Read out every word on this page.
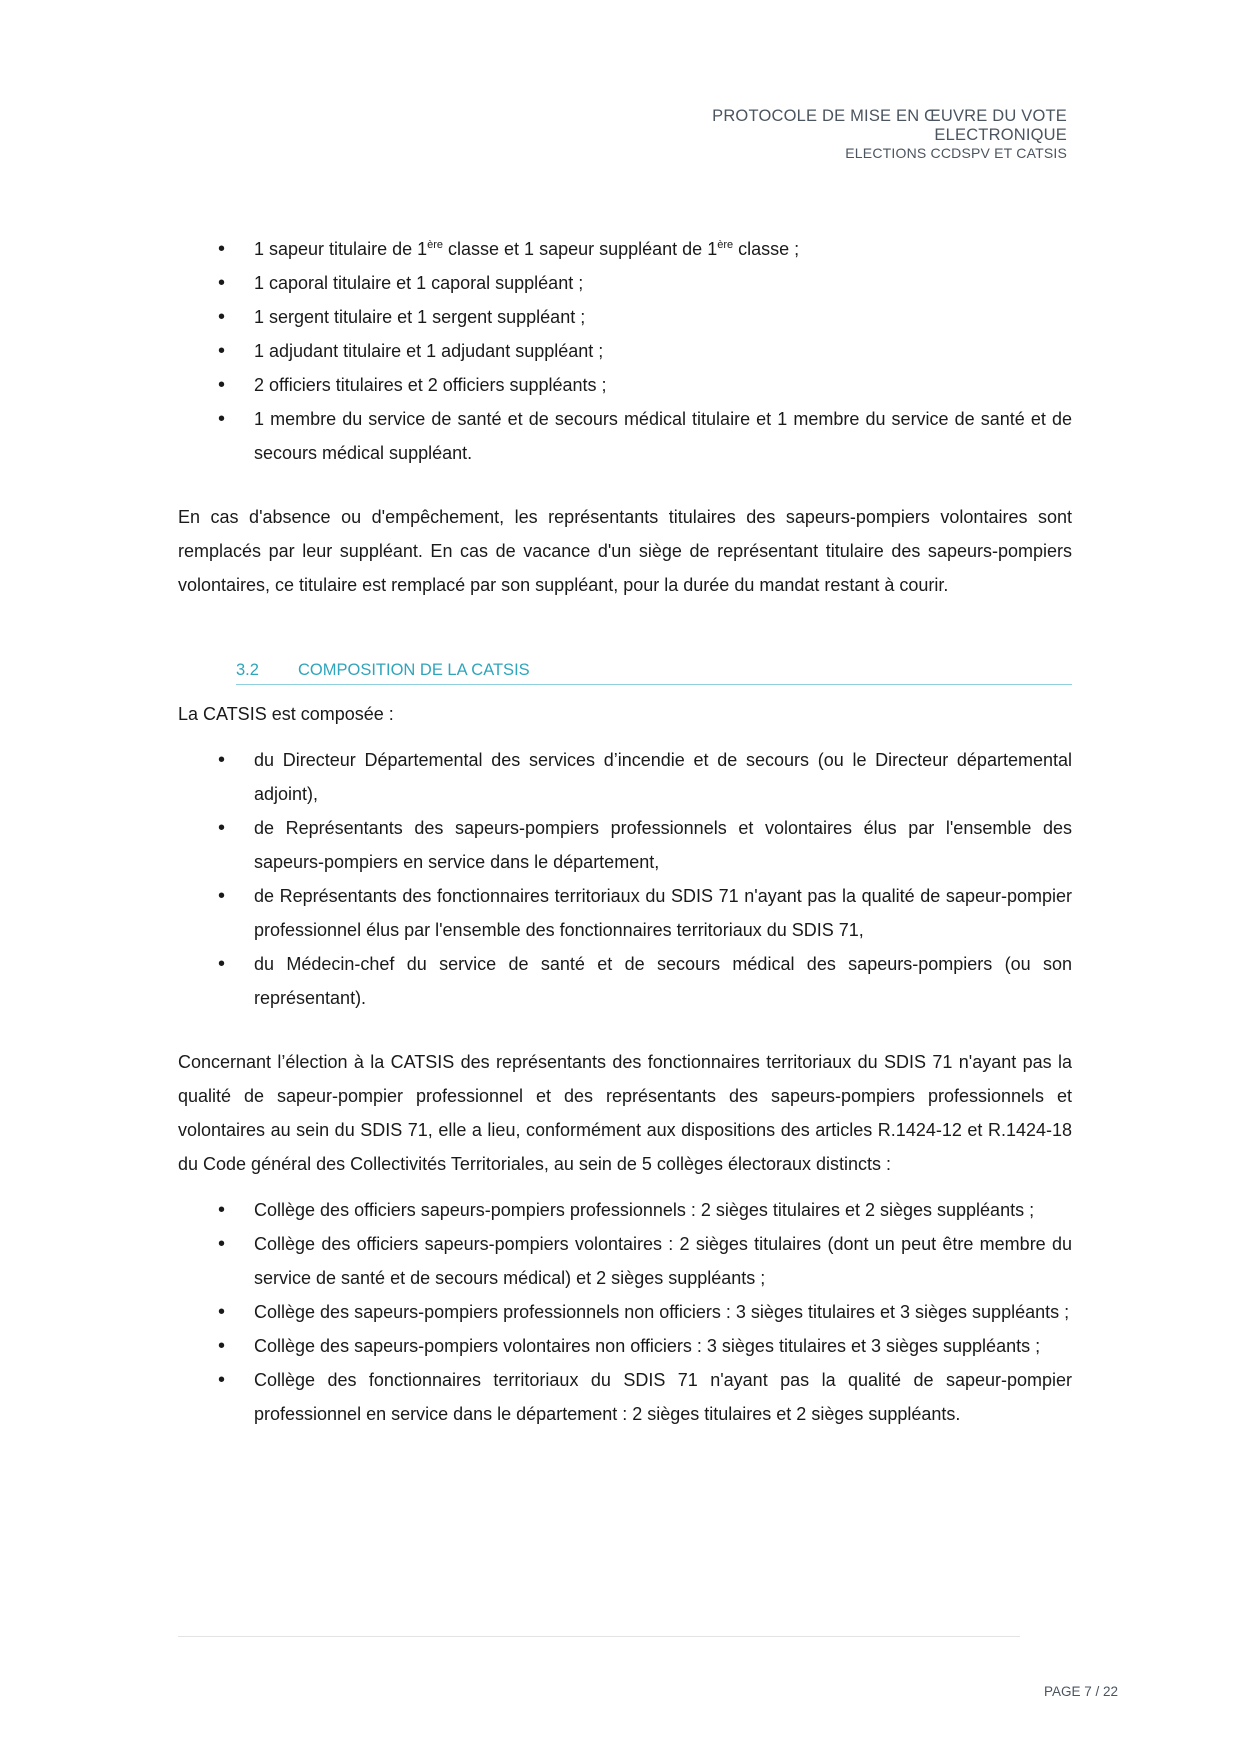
PROTOCOLE DE MISE EN ŒUVRE DU VOTE
ELECTRONIQUE
ELECTIONS CCDSPV ET CATSIS
• 1 sapeur titulaire de 1ère classe et 1 sapeur suppléant de 1ère classe ;
• 1 caporal titulaire et 1 caporal suppléant ;
• 1 sergent titulaire et 1 sergent suppléant ;
• 1 adjudant titulaire et 1 adjudant suppléant ;
• 2 officiers titulaires et 2 officiers suppléants ;
• 1 membre du service de santé et de secours médical titulaire et 1 membre du service de santé et de secours médical suppléant.

En cas d'absence ou d'empêchement, les représentants titulaires des sapeurs-pompiers volontaires sont remplacés par leur suppléant. En cas de vacance d'un siège de représentant titulaire des sapeurs-pompiers volontaires, ce titulaire est remplacé par son suppléant, pour la durée du mandat restant à courir.

3.2 COMPOSITION DE LA CATSIS

La CATSIS est composée :

• du Directeur Départemental des services d’incendie et de secours (ou le Directeur départemental adjoint),
• de Représentants des sapeurs-pompiers professionnels et volontaires élus par l'ensemble des sapeurs-pompiers en service dans le département,
• de Représentants des fonctionnaires territoriaux du SDIS 71 n'ayant pas la qualité de sapeur-pompier professionnel élus par l'ensemble des fonctionnaires territoriaux du SDIS 71,
• du Médecin-chef du service de santé et de secours médical des sapeurs-pompiers (ou son représentant).

Concernant l’élection à la CATSIS des représentants des fonctionnaires territoriaux du SDIS 71 n'ayant pas la qualité de sapeur-pompier professionnel et des représentants des sapeurs-pompiers professionnels et volontaires au sein du SDIS 71, elle a lieu, conformément aux dispositions des articles R.1424-12 et R.1424-18 du Code général des Collectivités Territoriales, au sein de 5 collèges électoraux distincts :

• Collège des officiers sapeurs-pompiers professionnels : 2 sièges titulaires et 2 sièges suppléants ;
• Collège des officiers sapeurs-pompiers volontaires : 2 sièges titulaires (dont un peut être membre du service de santé et de secours médical) et 2 sièges suppléants ;
• Collège des sapeurs-pompiers professionnels non officiers : 3 sièges titulaires et 3 sièges suppléants ;
• Collège des sapeurs-pompiers volontaires non officiers : 3 sièges titulaires et 3 sièges suppléants ;
• Collège des fonctionnaires territoriaux du SDIS 71 n'ayant pas la qualité de sapeur-pompier professionnel en service dans le département : 2 sièges titulaires et 2 sièges suppléants.
PAGE 7 / 22
